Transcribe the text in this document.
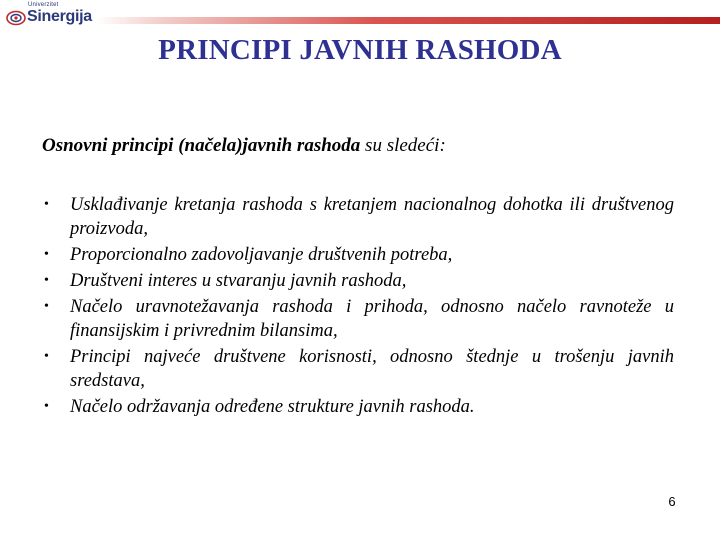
Univerzitet
Sinergija
PRINCIPI JAVNIH RASHODA
Osnovni principi (načela)javnih rashoda su sledeći:
• Usklađivanje kretanja rashoda s kretanjem nacionalnog dohotka ili društvenog proizvoda,
• Proporcionalno zadovoljavanje društvenih potreba,
• Društveni interes u stvaranju javnih rashoda,
• Načelo uravnotežavanja rashoda i prihoda, odnosno načelo ravnoteže u finansijskim i privrednim bilansima,
• Principi najveće društvene korisnosti, odnosno štednje u trošenju javnih sredstava,
• Načelo održavanja određene strukture javnih rashoda.
6
